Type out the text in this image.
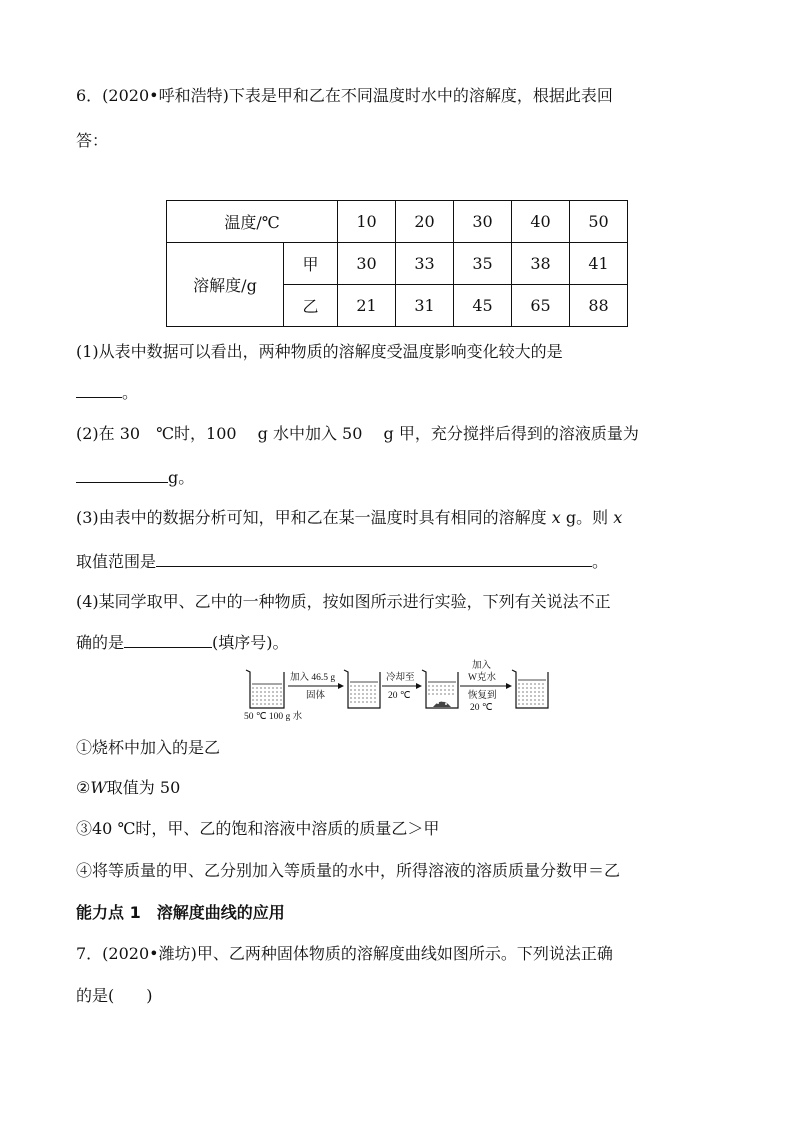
6．(2020•呼和浩特)下表是甲和乙在不同温度时水中的溶解度，根据此表回
答：
温度/℃		10	20	30	40	50
溶解度/g	甲	30	33	35	38	41
	乙	21	31	45	65	88
(1)从表中数据可以看出，两种物质的溶解度受温度影响变化较大的是
。
(2)在 30　℃时，100　 g 水中加入 50　 g 甲，充分搅拌后得到的溶液质量为
g。
(3)由表中的数据分析可知，甲和乙在某一温度时具有相同的溶解度 x g。则 x
取值范围是	。
(4)某同学取甲、乙中的一种物质，按如图所示进行实验，下列有关说法不正
确的是	(填序号)。
50 ℃ 100 g 水
加入 46.5 g
固体
冷却至
20 ℃
加入
W克水
恢复到
20 ℃
①烧杯中加入的是乙
②W取值为 50
③40 ℃时，甲、乙的饱和溶液中溶质的质量乙＞甲
④将等质量的甲、乙分别加入等质量的水中，所得溶液的溶质质量分数甲＝乙
能力点 1　溶解度曲线的应用
7．(2020•潍坊)甲、乙两种固体物质的溶解度曲线如图所示。下列说法正确
的是(　　)
